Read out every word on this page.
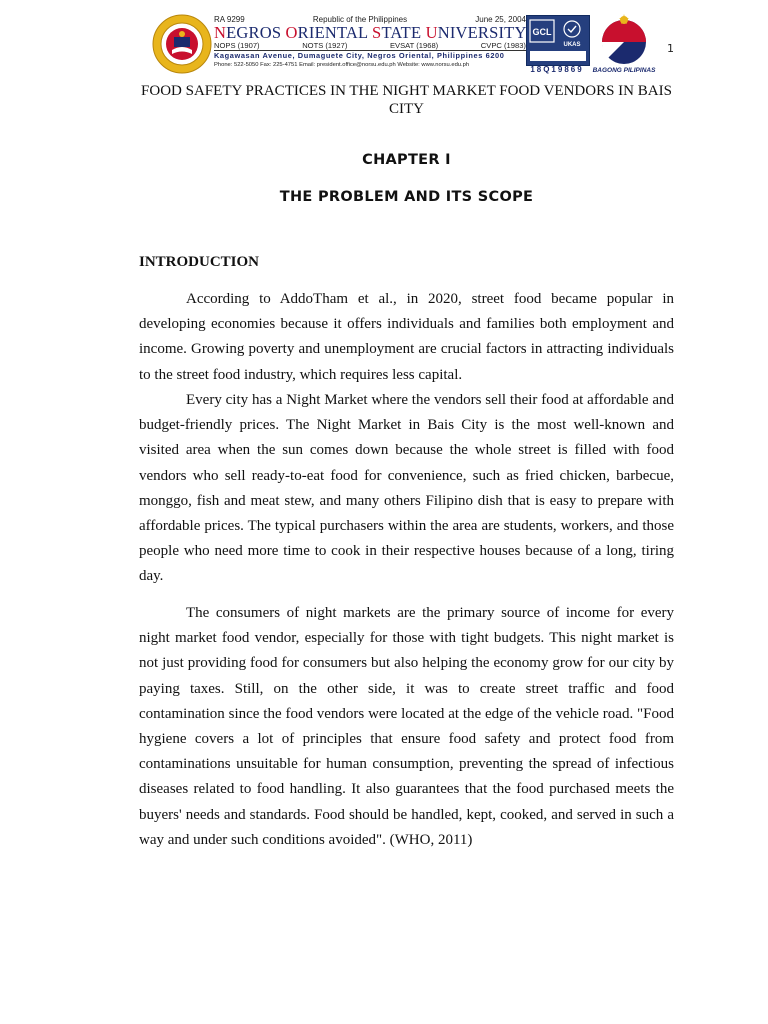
RA 9299	Republic of the Philippines	June 25, 2004
NEGROS ORIENTAL STATE UNIVERSITY
NOPS (1907)	NOTS (1927)	EVSAT (1968)	CVPC (1983)
Kagawasan Avenue, Dumaguete City, Negros Oriental, Philippines 6200
Phone: 522-5050 Fax: 225-4751 Email: president.office@norsu.edu.ph Website: www.norsu.edu.ph
GCL
UKAS
18Q19869	BAGONG PILIPINAS
1
FOOD SAFETY PRACTICES IN THE NIGHT MARKET FOOD VENDORS IN BAIS CITY
CHAPTER I
THE PROBLEM AND ITS SCOPE
INTRODUCTION

According to AddoTham et al., in 2020, street food became popular in developing economies because it offers individuals and families both employment and income. Growing poverty and unemployment are crucial factors in attracting individuals to the street food industry, which requires less capital.

Every city has a Night Market where the vendors sell their food at affordable and budget-friendly prices. The Night Market in Bais City is the most well-known and visited area when the sun comes down because the whole street is filled with food vendors who sell ready-to-eat food for convenience, such as fried chicken, barbecue, monggo, fish and meat stew, and many others Filipino dish that is easy to prepare with affordable prices. The typical purchasers within the area are students, workers, and those people who need more time to cook in their respective houses because of a long, tiring day.

The consumers of night markets are the primary source of income for every night market food vendor, especially for those with tight budgets. This night market is not just providing food for consumers but also helping the economy grow for our city by paying taxes. Still, on the other side, it was to create street traffic and food contamination since the food vendors were located at the edge of the vehicle road. "Food hygiene covers a lot of principles that ensure food safety and protect food from contaminations unsuitable for human consumption, preventing the spread of infectious diseases related to food handling. It also guarantees that the food purchased meets the buyers' needs and standards. Food should be handled, kept, cooked, and served in such a way and under such conditions avoided". (WHO, 2011)
